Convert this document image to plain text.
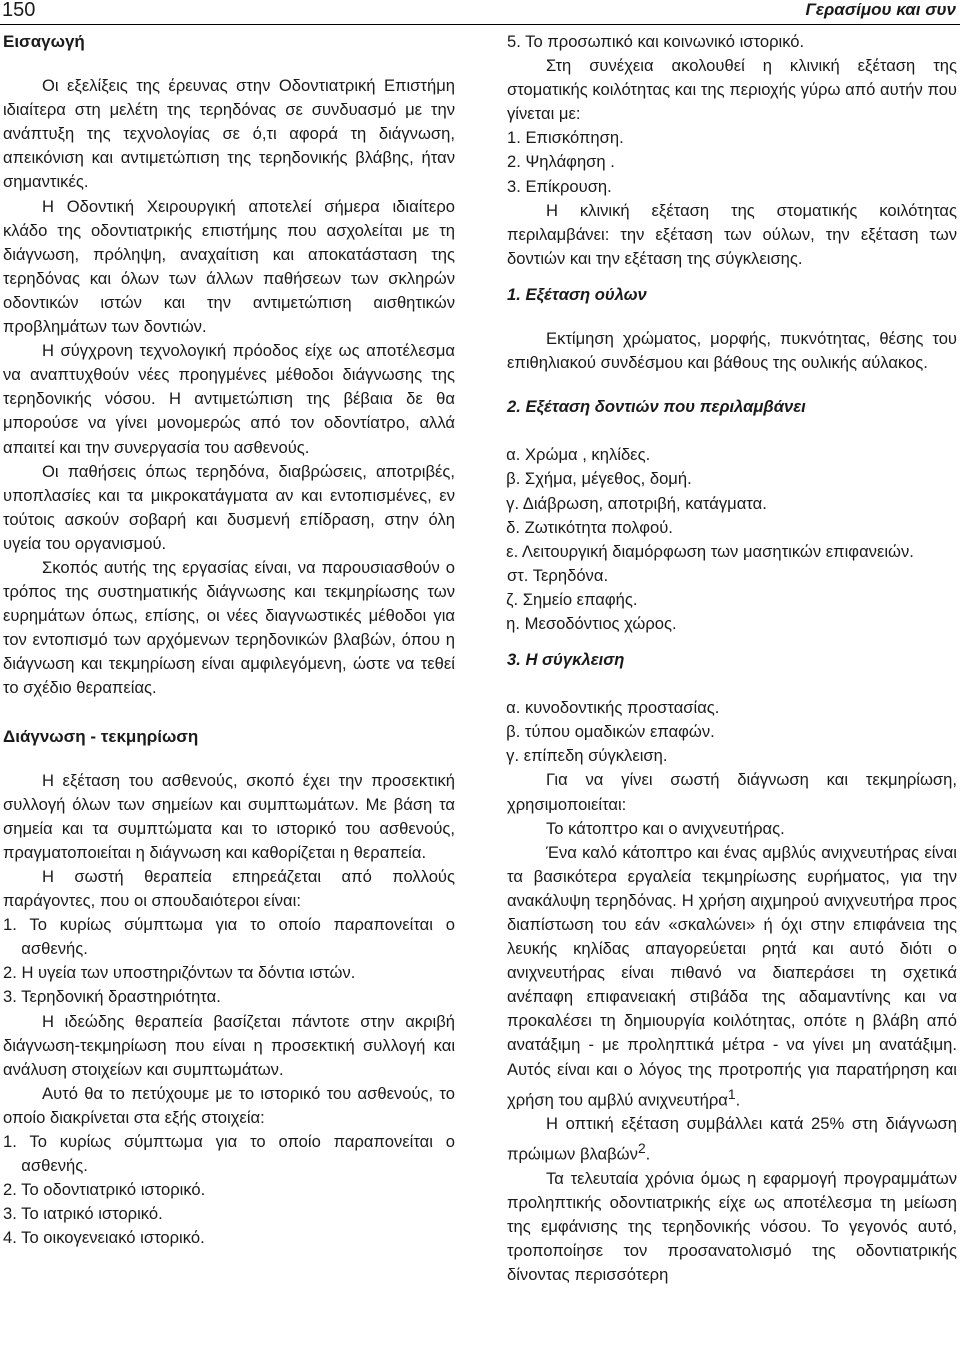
150	Γερασίμου και συν
Εισαγωγή

Οι εξελίξεις της έρευνας στην Οδοντιατρική Επιστήμη ιδιαίτερα στη μελέτη της τερηδόνας σε συνδυασμό με την ανάπτυξη της τεχνολογίας σε ό,τι αφορά τη διάγνωση, απεικόνιση και αντιμετώπιση της τερηδονικής βλάβης, ήταν σημαντικές.

Η Οδοντική Χειρουργική αποτελεί σήμερα ιδιαίτερο κλάδο της οδοντιατρικής επιστήμης που ασχολείται με τη διάγνωση, πρόληψη, αναχαίτιση και αποκατάσταση της τερηδόνας και όλων των άλλων παθήσεων των σκληρών οδοντικών ιστών και την αντιμετώπιση αισθητικών προβλημάτων των δοντιών.

Η σύγχρονη τεχνολογική πρόοδος είχε ως αποτέλεσμα να αναπτυχθούν νέες προηγμένες μέθοδοι διάγνωσης της τερηδονικής νόσου. Η αντιμετώπιση της βέβαια δε θα μπορούσε να γίνει μονομερώς από τον οδοντίατρο, αλλά απαιτεί και την συνεργασία του ασθενούς.

Οι παθήσεις όπως τερηδόνα, διαβρώσεις, αποτριβές, υποπλασίες και τα μικροκατάγματα αν και εντοπισμένες, εν τούτοις ασκούν σοβαρή και δυσμενή επίδραση, στην όλη υγεία του οργανισμού.

Σκοπός αυτής της εργασίας είναι, να παρουσιασθούν ο τρόπος της συστηματικής διάγνωσης και τεκμηρίωσης των ευρημάτων όπως, επίσης, οι νέες διαγνωστικές μέθοδοι για τον εντοπισμό των αρχόμενων τερηδονικών βλαβών, όπου η διάγνωση και τεκμηρίωση είναι αμφιλεγόμενη, ώστε να τεθεί το σχέδιο θεραπείας.

Διάγνωση - τεκμηρίωση

Η εξέταση του ασθενούς, σκοπό έχει την προσεκτική συλλογή όλων των σημείων και συμπτωμάτων. Με βάση τα σημεία και τα συμπτώματα και το ιστορικό του ασθενούς, πραγματοποιείται η διάγνωση και καθορίζεται η θεραπεία.

Η σωστή θεραπεία επηρεάζεται από πολλούς παράγοντες, που οι σπουδαιότεροι είναι:

1. Το κυρίως σύμπτωμα για το οποίο παραπονείται ο ασθενής.

2. Η υγεία των υποστηριζόντων τα δόντια ιστών.

3. Τερηδονική δραστηριότητα.

Η ιδεώδης θεραπεία βασίζεται πάντοτε στην ακριβή διάγνωση-τεκμηρίωση που είναι η προσεκτική συλλογή και ανάλυση στοιχείων και συμπτωμάτων.

Αυτό θα το πετύχουμε με το ιστορικό του ασθενούς, το οποίο διακρίνεται στα εξής στοιχεία:

1. Το κυρίως σύμπτωμα για το οποίο παραπονείται ο ασθενής.

2. Το οδοντιατρικό ιστορικό.

3. Το ιατρικό ιστορικό.

4. Το οικογενειακό ιστορικό.

5. Το προσωπικό και κοινωνικό ιστορικό.

Στη συνέχεια ακολουθεί η κλινική εξέταση της στοματικής κοιλότητας και της περιοχής γύρω από αυτήν που γίνεται με:

1. Επισκόπηση.

2. Ψηλάφηση .

3. Επίκρουση.

Η κλινική εξέταση της στοματικής κοιλότητας περιλαμβάνει: την εξέταση των ούλων, την εξέταση των δοντιών και την εξέταση της σύγκλεισης.

1. Εξέταση ούλων

Εκτίμηση χρώματος, μορφής, πυκνότητας, θέσης του επιθηλιακού συνδέσμου και βάθους της ουλικής αύλακος.

2. Εξέταση δοντιών που περιλαμβάνει

α. Χρώμα , κηλίδες.

β. Σχήμα, μέγεθος, δομή.

γ. Διάβρωση, αποτριβή, κατάγματα.

δ. Ζωτικότητα πολφού.

ε. Λειτουργική διαμόρφωση των μασητικών επιφανειών.

στ. Τερηδόνα.

ζ. Σημείο επαφής.

η. Μεσοδόντιος χώρος.

3. Η σύγκλειση

α. κυνοδοντικής προστασίας.

β. τύπου ομαδικών επαφών.

γ. επίπεδη σύγκλειση.

Για να γίνει σωστή διάγνωση και τεκμηρίωση, χρησιμοποιείται:

Το κάτοπτρο και ο ανιχνευτήρας.

Ένα καλό κάτοπτρο και ένας αμβλύς ανιχνευτήρας είναι τα βασικότερα εργαλεία τεκμηρίωσης ευρήματος, για την ανακάλυψη τερηδόνας. Η χρήση αιχμηρού ανιχνευτήρα προς διαπίστωση του εάν «σκαλώνει» ή όχι στην επιφάνεια της λευκής κηλίδας απαγορεύεται ρητά και αυτό διότι ο ανιχνευτήρας είναι πιθανό να διαπεράσει τη σχετικά ανέπαφη επιφανειακή στιβάδα της αδαμαντίνης και να προκαλέσει τη δημιουργία κοιλότητας, οπότε η βλάβη από ανατάξιμη - με προληπτικά μέτρα - να γίνει μη ανατάξιμη. Αυτός είναι και ο λόγος της προτροπής για παρατήρηση και χρήση του αμβλύ ανιχνευτήρα$^1$.

Η οπτική εξέταση συμβάλλει κατά 25% στη διάγνωση πρώιμων βλαβών$^2$.

Τα τελευταία χρόνια όμως η εφαρμογή προγραμμάτων προληπτικής οδοντιατρικής είχε ως αποτέλεσμα τη μείωση της εμφάνισης της τερηδονικής νόσου. Το γεγονός αυτό, τροποποίησε τον προσανατολισμό της οδοντιατρικής δίνοντας περισσότερη
